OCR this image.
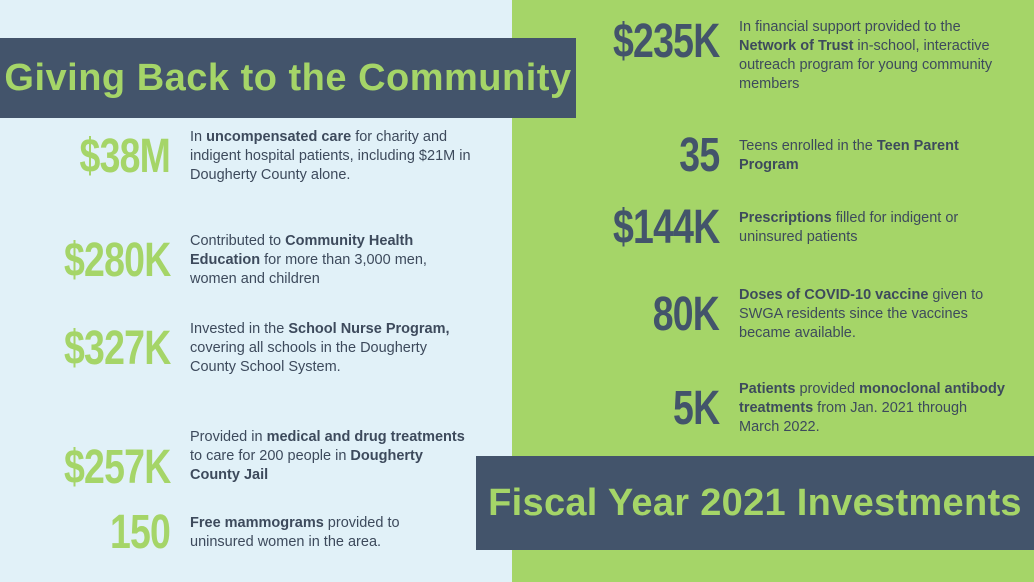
Giving Back to the Community
$38M In uncompensated care for charity and indigent hospital patients, including $21M in Dougherty County alone.
$280K Contributed to Community Health Education for more than 3,000 men, women and children
$327K Invested in the School Nurse Program, covering all schools in the Dougherty County School System.
$257K
Provided in medical and drug treatments to care for 200 people in Dougherty County Jail
150 Free mammograms provided to uninsured women in the area.
$235K In financial support provided to the Network of Trust in-school, interactive outreach program for young community members
35 Teens enrolled in the Teen Parent Program
$144K Prescriptions filled for indigent or uninsured patients
80K Doses of COVID-10 vaccine given to SWGA residents since the vaccines became available.
5K Patients provided monoclonal antibody treatments from Jan. 2021 through March 2022.
Fiscal Year 2021 Investments
